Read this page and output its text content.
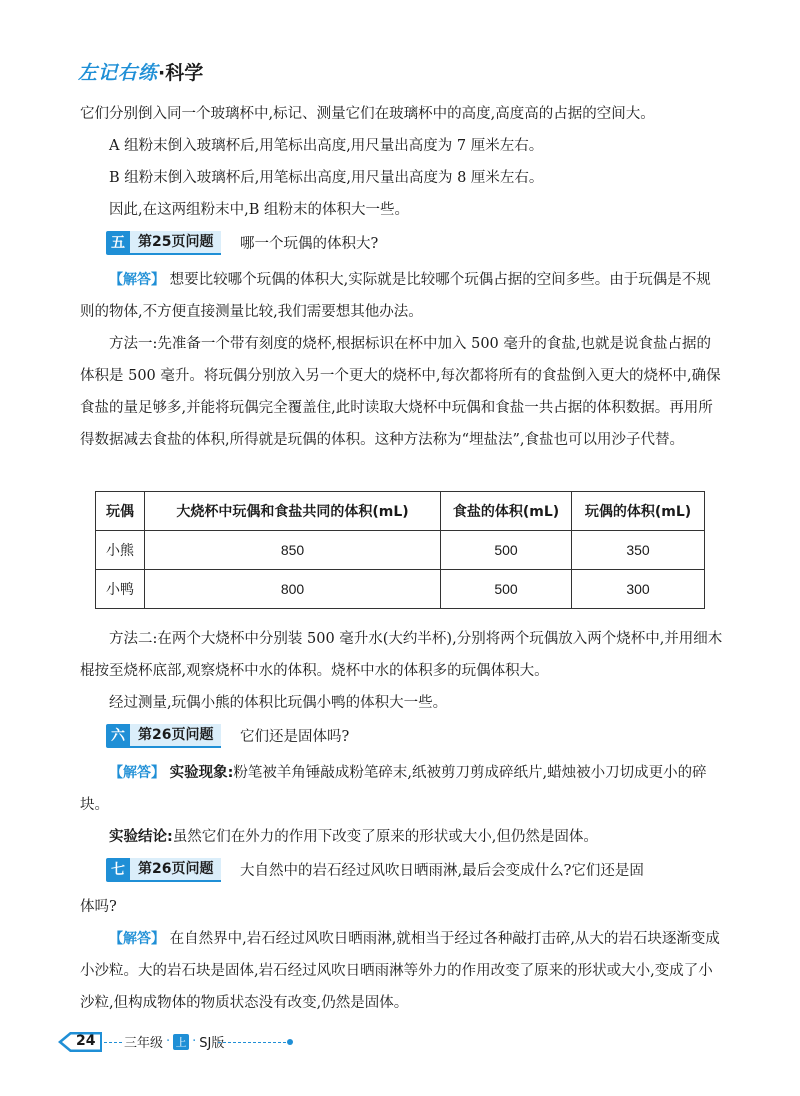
左记右练·科学

它们分别倒入同一个玻璃杯中,标记、测量它们在玻璃杯中的高度,高度高的占据的空间大。

A 组粉末倒入玻璃杯后,用笔标出高度,用尺量出高度为 7 厘米左右。

B 组粉末倒入玻璃杯后,用笔标出高度,用尺量出高度为 8 厘米左右。

因此,在这两组粉末中,B 组粉末的体积大一些。

五 第25页问题	哪一个玩偶的体积大?

【解答】 想要比较哪个玩偶的体积大,实际就是比较哪个玩偶占据的空间多些。由于玩偶是不规则的物体,不方便直接测量比较,我们需要想其他办法。

方法一:先准备一个带有刻度的烧杯,根据标识在杯中加入 500 毫升的食盐,也就是说食盐占据的体积是 500 毫升。将玩偶分别放入另一个更大的烧杯中,每次都将所有的食盐倒入更大的烧杯中,确保食盐的量足够多,并能将玩偶完全覆盖住,此时读取大烧杯中玩偶和食盐一共占据的体积数据。再用所得数据减去食盐的体积,所得就是玩偶的体积。这种方法称为“埋盐法”,食盐也可以用沙子代替。

玩偶	大烧杯中玩偶和食盐共同的体积(mL)	食盐的体积(mL)	玩偶的体积(mL)
小熊	850	500	350
小鸭	800	500	300

方法二:在两个大烧杯中分别装 500 毫升水(大约半杯),分别将两个玩偶放入两个烧杯中,并用细木棍按至烧杯底部,观察烧杯中水的体积。烧杯中水的体积多的玩偶体积大。

经过测量,玩偶小熊的体积比玩偶小鸭的体积大一些。

六 第26页问题	它们还是固体吗?

【解答】 实验现象:粉笔被羊角锤敲成粉笔碎末,纸被剪刀剪成碎纸片,蜡烛被小刀切成更小的碎块。

实验结论:虽然它们在外力的作用下改变了原来的形状或大小,但仍然是固体。

七 第26页问题	大自然中的岩石经过风吹日晒雨淋,最后会变成什么?它们还是固

体吗?

【解答】 在自然界中,岩石经过风吹日晒雨淋,就相当于经过各种敲打击碎,从大的岩石块逐渐变成小沙粒。大的岩石块是固体,岩石经过风吹日晒雨淋等外力的作用改变了原来的形状或大小,变成了小沙粒,但构成物体的物质状态没有改变,仍然是固体。

24 三年级 · 上 · SJ版
